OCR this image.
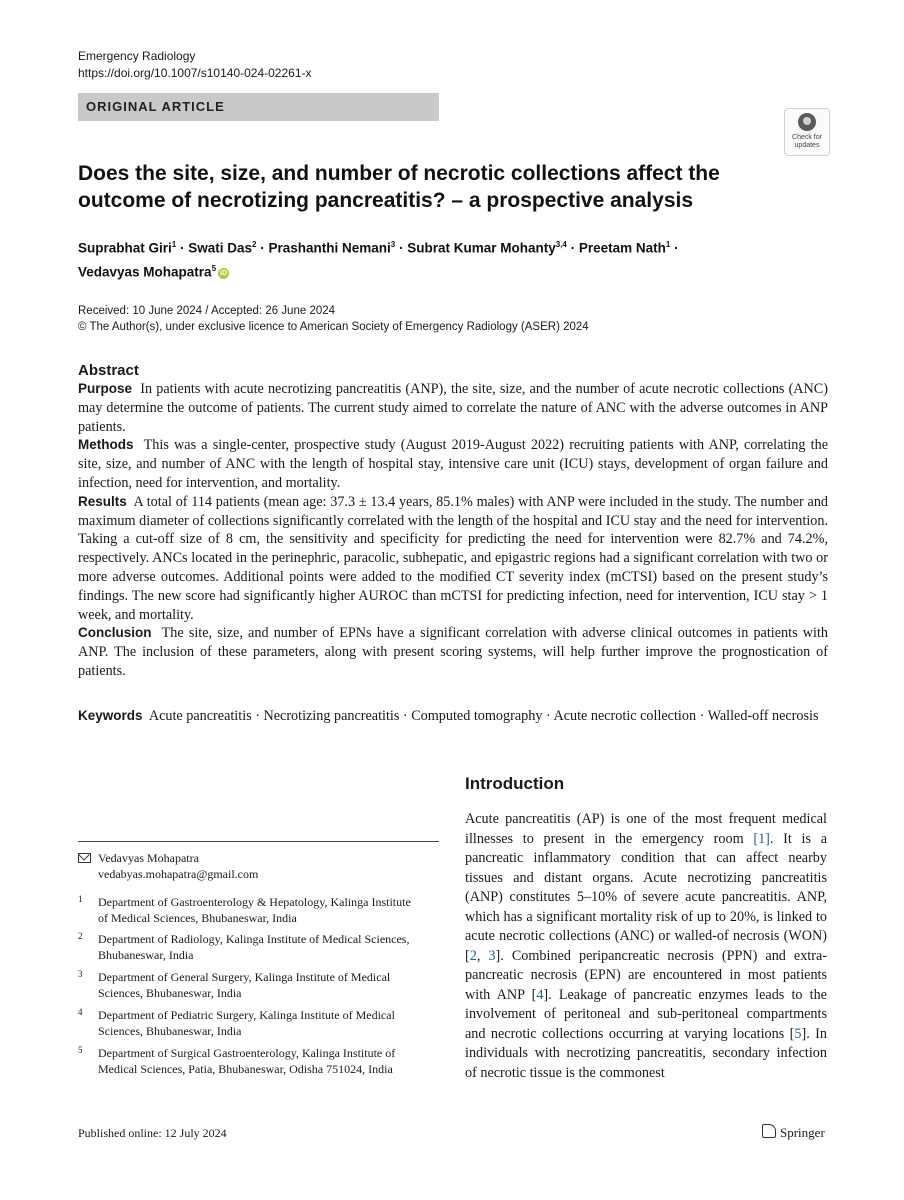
Emergency Radiology
https://doi.org/10.1007/s10140-024-02261-x
ORIGINAL ARTICLE
Check for updates
Does the site, size, and number of necrotic collections affect the outcome of necrotizing pancreatitis? – a prospective analysis
Suprabhat Giri$^1$ · Swati Das$^2$ · Prashanthi Nemani$^3$ · Subrat Kumar Mohanty$^{3,4}$ · Preetam Nath$^1$ ·
Vedavyas Mohapatra$^5$iD
Received: 10 June 2024 / Accepted: 26 June 2024
© The Author(s), under exclusive licence to American Society of Emergency Radiology (ASER) 2024
Abstract

Purpose In patients with acute necrotizing pancreatitis (ANP), the site, size, and the number of acute necrotic collections (ANC) may determine the outcome of patients. The current study aimed to correlate the nature of ANC with the adverse outcomes in ANP patients.

Methods This was a single-center, prospective study (August 2019-August 2022) recruiting patients with ANP, correlating the site, size, and number of ANC with the length of hospital stay, intensive care unit (ICU) stays, development of organ failure and infection, need for intervention, and mortality.

Results A total of 114 patients (mean age: 37.3 ± 13.4 years, 85.1% males) with ANP were included in the study. The number and maximum diameter of collections significantly correlated with the length of the hospital and ICU stay and the need for intervention. Taking a cut-off size of 8 cm, the sensitivity and specificity for predicting the need for intervention were 82.7% and 74.2%, respectively. ANCs located in the perinephric, paracolic, subhepatic, and epigastric regions had a significant correlation with two or more adverse outcomes. Additional points were added to the modified CT severity index (mCTSI) based on the present study’s findings. The new score had significantly higher AUROC than mCTSI for predicting infection, need for intervention, ICU stay > 1 week, and mortality.

Conclusion The site, size, and number of EPNs have a significant correlation with adverse clinical outcomes in patients with ANP. The inclusion of these parameters, along with present scoring systems, will help further improve the prognostication of patients.

Keywords Acute pancreatitis · Necrotizing pancreatitis · Computed tomography · Acute necrotic collection · Walled-off necrosis
Introduction
Acute pancreatitis (AP) is one of the most frequent medical illnesses to present in the emergency room [1]. It is a pancreatic inflammatory condition that can affect nearby tissues and distant organs. Acute necrotizing pancreatitis (ANP) constitutes 5–10% of severe acute pancreatitis. ANP, which has a significant mortality risk of up to 20%, is linked to acute necrotic collections (ANC) or walled-of necrosis (WON) [2, 3]. Combined peripancreatic necrosis (PPN) and extra-pancreatic necrosis (EPN) are encountered in most patients with ANP [4]. Leakage of pancreatic enzymes leads to the involvement of peritoneal and sub-peritoneal compartments and necrotic collections occurring at varying locations [5]. In individuals with necrotizing pancreatitis, secondary infection of necrotic tissue is the commonest
Vedavyas Mohapatra
vedabyas.mohapatra@gmail.com
1 Department of Gastroenterology & Hepatology, Kalinga Institute of Medical Sciences, Bhubaneswar, India
2 Department of Radiology, Kalinga Institute of Medical Sciences, Bhubaneswar, India
3 Department of General Surgery, Kalinga Institute of Medical Sciences, Bhubaneswar, India
4 Department of Pediatric Surgery, Kalinga Institute of Medical Sciences, Bhubaneswar, India
5 Department of Surgical Gastroenterology, Kalinga Institute of Medical Sciences, Patia, Bhubaneswar, Odisha 751024, India
Published online: 12 July 2024	Springer
